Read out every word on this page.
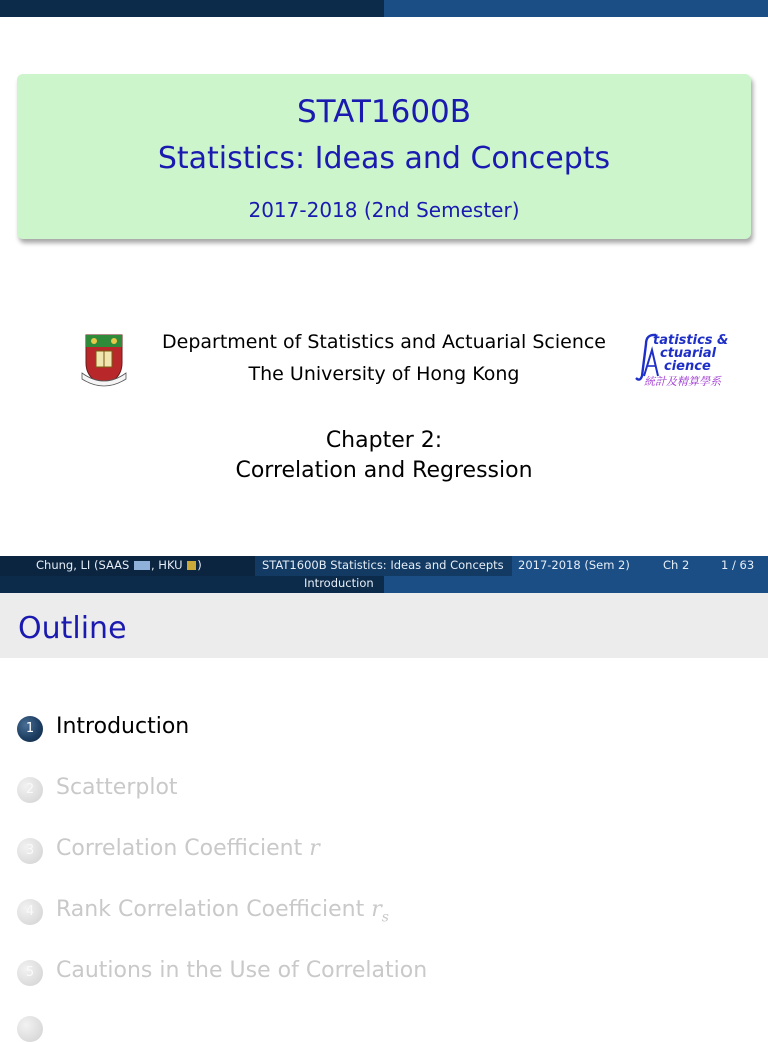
STAT1600B
Statistics: Ideas and Concepts
2017-2018 (2nd Semester)
Department of Statistics and Actuarial Science
The University of Hong Kong
tatistics &
ctuarial
cience
統計及精算學系
Chapter 2:
Correlation and Regression
Chung, LI (SAAS , HKU )	STAT1600B Statistics: Ideas and Concepts 2017-2018 (Sem 2)	Ch 2	1 / 63
Introduction
Outline
1 Introduction
2 Scatterplot
3 Correlation Coefficient r
4 Rank Correlation Coefficient $r_s$
5 Cautions in the Use of Correlation
